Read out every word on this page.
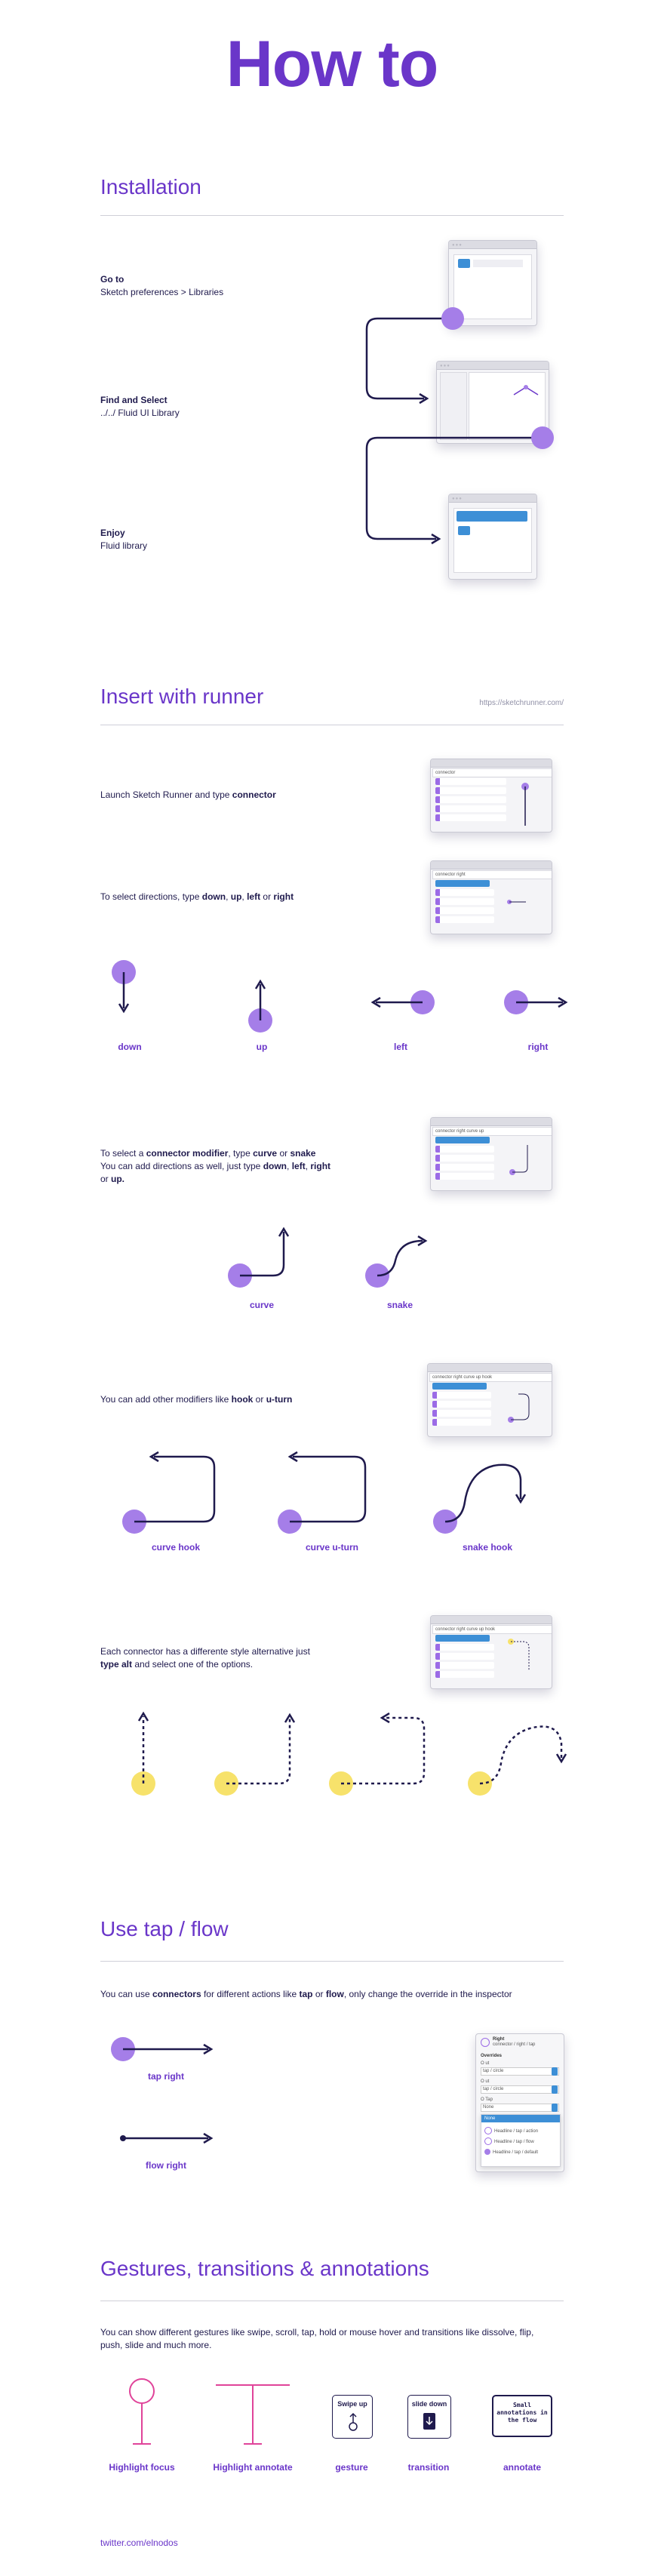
How to
Installation
Go to
Sketch preferences > Libraries
Find and Select
../../ Fluid UI Library
Enjoy
Fluid library
●●●
●●●
●●●
Insert with runner	https://sketchrunner.com/
Launch Sketch Runner and type connector
connector
To select directions, type down, up, left or right
connector right
down	up	left	right
To select a connector modifier, type curve or snake
You can add directions as well, just type down, left, right
or up.
connector right curve up
curve	snake
You can add other modifiers like hook or u-turn
connector right curve up hook
curve hook	curve u-turn	snake hook
Each connector has a differente style alternative just
type alt and select one of the options.
connector right curve up hook
Use tap / flow
You can use connectors for different actions like tap or flow, only change the override in the inspector
tap right
flow right
Right
connector / right / tap
Overrides
O ut
tap / circle
O ut
tap / circle
O Tap
None
None
Headline / tap / action
Headline / tap / flow
Headline / tap / default
Gestures, transitions & annotations
You can show different gestures like swipe, scroll, tap, hold or mouse hover and transitions like dissolve, flip,
push, slide and much more.
Swipe up	slide down	Small annotations in the flow
Highlight focus	Highlight annotate	gesture	transition	annotate
twitter.com/elnodos
